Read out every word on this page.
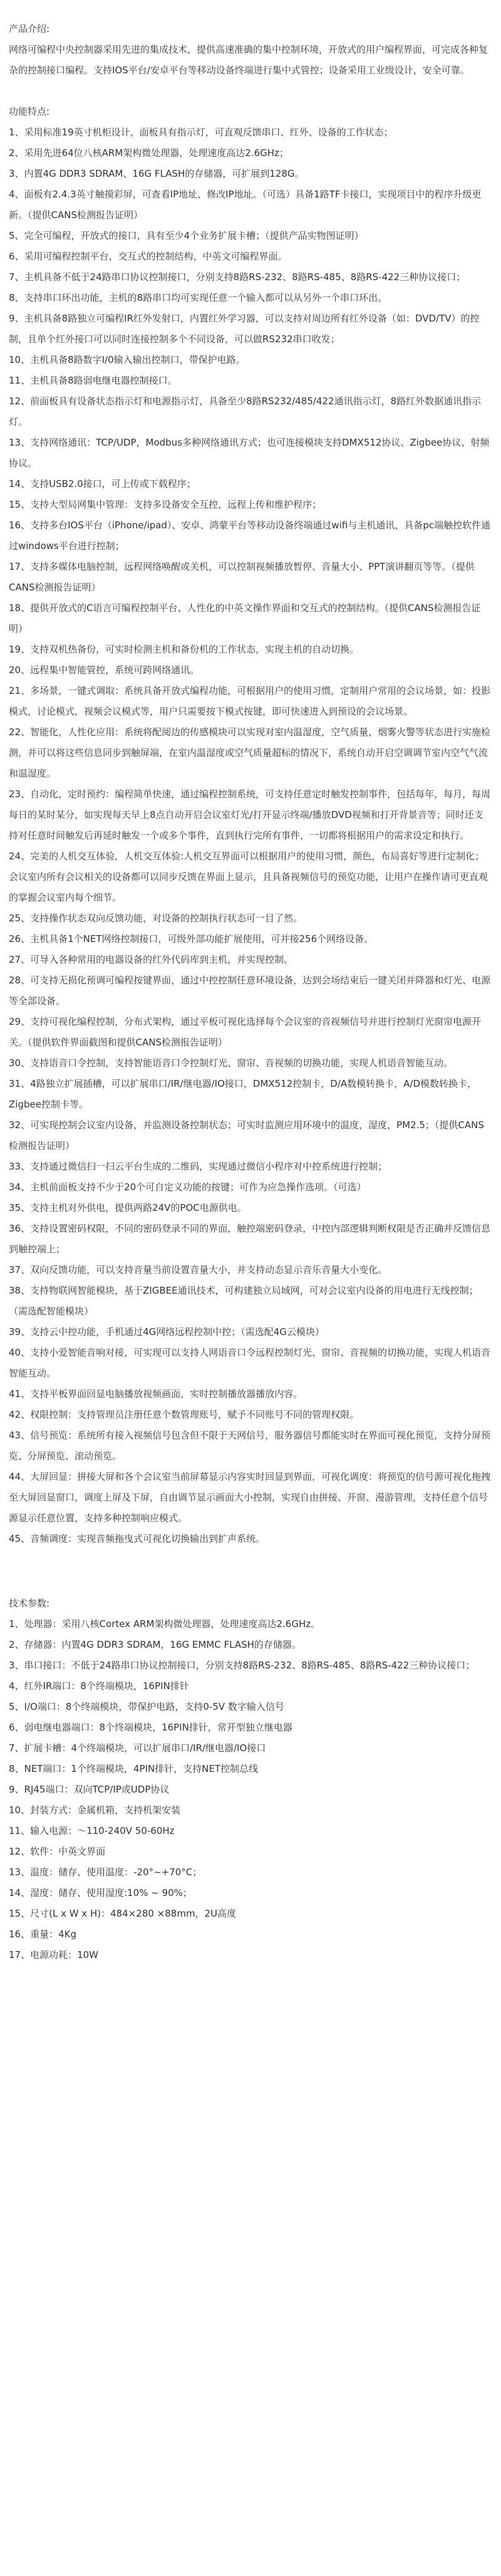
产品介绍:

网络可编程中央控制器采用先进的集成技术，提供高速准确的集中控制环境，开放式的用户编程界面，可完成各种复杂的控制接口编程。支持IOS平台/安卓平台等移动设备终端进行集中式管控；设备采用工业级设计，安全可靠。

功能特点:

1、采用标准19英寸机柜设计，面板具有指示灯，可直观反馈串口、红外、设备的工作状态；

2、采用先进64位八核ARM架构微处理器，处理速度高达2.6GHz；

3、内置4G DDR3 SDRAM、16G FLASH的存储器，可扩展到128G。

4、面板有2.4.3英寸触摸彩屏，可查看IP地址、修改IP地址。（可选）具备1路TF卡接口，实现项目中的程序升级更新。（提供CANS检测报告证明）

5、完全可编程，开放式的接口，具有至少4个业务扩展卡槽；（提供产品实物图证明）

6、采用可编程控制平台，交互式的控制结构，中英文可编程界面。

7、主机具备不低于24路串口协议控制接口，分别支持8路RS-232、8路RS-485、8路RS-422三种协议接口；

8、支持串口环出功能，主机的8路串口均可实现任意一个输入都可以从另外一个串口环出。

9、主机具备8路独立可编程IR红外发射口，内置红外学习器，可以支持对周边所有红外设备（如：DVD/TV）的控制，且单个红外接口可以同时连接控制多个不同设备，可以做RS232串口收发；

10、主机具备8路数字I/0输入输出控制口，带保护电路。

11、主机具备8路弱电继电器控制接口。

12、前面板具有设备状态指示灯和电源指示灯，具备至少8路RS232/485/422通讯指示灯，8路红外数据通讯指示灯。

13、支持网络通讯：TCP/UDP，Modbus多种网络通讯方式；也可连接模块支持DMX512协议、Zigbee协议、射频协议。

14、支持USB2.0接口，可上传或下载程序；

15、支持大型局网集中管理：支持多设备安全互控，远程上传和维护程序；

16、支持多台IOS平台（iPhone/ipad）、安卓、鸿蒙平台等移动设备终端通过wifi与主机通讯，具备pc端触控软件通过windows平台进行控制；

17、支持多媒体电脑控制，远程网络唤醒或关机，可以控制视频播放暂停、音量大小、PPT演讲翻页等等。（提供CANS检测报告证明）

18、提供开放式的C语言可编程控制平台、人性化的中英文操作界面和交互式的控制结构。（提供CANS检测报告证明）

19、支持双机热备份，可实时检测主机和备份机的工作状态，实现主机的自动切换。

20、远程集中智能管控，系统可跨网络通讯。

21、多场景，一键式调取：系统具备开放式编程功能，可根据用户的使用习惯，定制用户常用的会议场景，如：投影模式，讨论模式，视频会议模式等，用户只需要按下模式按键，即可快速进入到预设的会议场景。

22、智能化，人性化应用：系统将配阅边的传感模块可以实现对室内温湿度，空气质量，烟雾火警等状态进行实施检测，并可以将这些信息同步到触屏端，在室内温湿度或空气质量超标的情况下，系统自动开启空调调节室内空气气流和温湿度。

23、自动化，定时预约：编程简单快速，通过编程控制系统，可支持任意定时触发控制事件，包括每年，每月，每周每日的某时某分，如实现每天早上8点自动开启会议室灯光/打开显示终端/播放DVD视频和打开背景音等；同时还支持对任意时间触发后再延时触发一个或多个事件，直到执行完所有事件，一切都将根据用户的需求设定和执行。

24、完美的人机交互体验，人机交互体验:人机交互界面可以根据用户的使用习惯，颜色，布局喜好等进行定制化；会议室内所有会议相关的设备都可以同步反馈在界面上显示，且具备视频信号的预览功能，让用户在操作请可更直观的掌握会议室内每个细节。

25、支持操作状态双向反馈功能，对设备的控制执行状态可一目了然。

26、主机具备1个NET网络控制接口，可级外部功能扩展使用，可并接256个网络设备。

27、可导入各种常用的电器设备的红外代码库到主机，并实现控制。

28、可支持无损化预调可编程按键界面，通过中控控制任意环境设备，达到会场结束后一键关闭并降器和灯光、电源等全部设备。

29、支持可视化编程控制，分布式架构，通过平板可视化选择每个会议室的音视频信号并进行控制灯光窗帘电源开关。（提供软件界面截图和提供CANS检测报告证明）

30、支持语音口令控制，支持智能语音口令控制灯光、窗帘、音视频的切换功能，实现人机语音智能互动。

31、4路独立扩展插槽，可以扩展串口/IR/继电器/IO接口，DMX512控制卡，D/A数模转换卡，A/D模数转换卡，Zigbee控制卡等。

32、可实现控制会议室内设备，并监测设备控制状态；可实时监测应用环境中的温度，湿度，PM2.5；（提供CANS检测报告证明）

33、支持通过微信扫一扫云平台生成的二维码，实现通过微信小程序对中控系统进行控制；

34、主机前面板支持不少于20个可自定义功能的按键；可作为应急操作选项。（可选）

35、支持主机对外供电，提供两路24V的POC电源供电。

36、支持设置密码权限，不同的密码登录不同的界面，触控端密码登录，中控内部逻辑判断权限是否正确并反馈信息到触控端上；

37、双向反馈功能，可以支持音量当前设置音量大小，并支持动态显示音乐音量大小变化。

38、支持物联网智能模块，基于ZIGBEE通讯技术，可构建独立局域网，可对会议室内设备的用电进行无线控制；（需选配智能模块）

39、支持云中控功能，手机通过4G网络远程控制中控；（需选配4G云模块）

40、支持小爱智能音响对接，可实现可以支持人网语音口令远程控制灯光、窗帘、音视频的切换功能，实现人机语音智能互动。

41、支持平板界面回显电脑播放视频画面，实时控制播放器播放内容。

42、权限控制：支持管理员注册任意个数管理账号，赋予不同账号不同的管理权限。

43、信号预览：系统所有接入视频信号包含但不限于天网信号，服务器信号都能实时在界面可视化预览，支持分屏预览、分屏预览、滚动预览。

44、大屏回显：拼接大屏和各个会议室当前屏幕显示内容实时回显到界面，可视化调度：将预览的信号源可视化拖拽至大屏回显窗口，调度上屏及下屏，自由调节显示画面大小控制，实现自由拼接、开窗、漫游管理，支持任意个信号源显示任意位置，支持多种控制响应模式。

45、音频调度：实现音频拖曳式可视化切换输出到扩声系统。

技术参数:

1、处理器：采用八核Cortex ARM架构微处理器，处理速度高达2.6GHz。

2、存储器：内置4G DDR3 SDRAM，16G EMMC FLASH的存储器。

3、串口接口：不低于24路串口协议控制接口，分别支持8路RS-232、8路RS-485、8路RS-422三种协议接口；

4、红外IR端口：8个终端模块，16PIN排针

5、I/O端口：8个终端模块，带保护电路，支持0-5V 数字输入信号

6、弱电继电器端口：8个终端模块，16PIN排针，常开型独立继电器

7、扩展卡槽：4个终端模块，可以扩展串口/IR/继电器/IO接口

8、NET端口：1个终端模块，4PIN排针，支持NET控制总线

9、RJ45端口：双向TCP/IP或UDP协议

10、封装方式：金属机箱，支持机架安装

11、输入电源：～110-240V 50-60Hz

12、软件：中英文界面

13、温度：储存、使用温度：-20°~+70°C；

14、湿度：储存、使用湿度:10% ~ 90%；

15、尺寸(L x W x H)：484×280 ×88mm，2U高度

16、重量：4Kg

17、电源功耗：10W
